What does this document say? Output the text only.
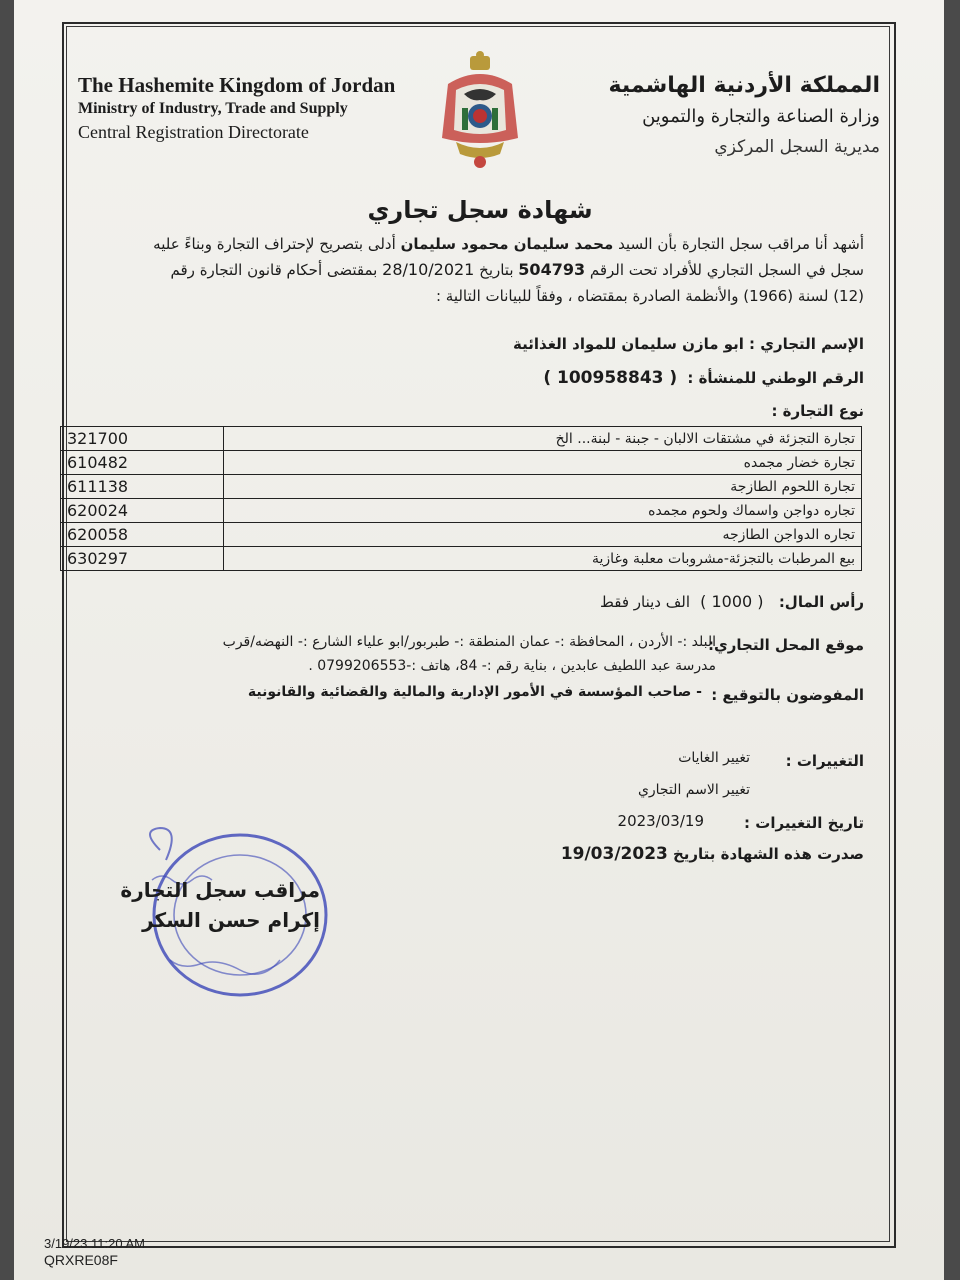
The Hashemite Kingdom of Jordan
Ministry of Industry, Trade and Supply
Central Registration Directorate
المملكة الأردنية الهاشمية
وزارة الصناعة والتجارة والتموين
مديرية السجل المركزي
شهادة سجل تجاري
أشهد أنا مراقب سجل التجارة بأن السيد محمد سليمان محمود سليمان أدلى بتصريح لإحتراف التجارة وبناءً عليه
سجل في السجل التجاري للأفراد تحت الرقم 504793 بتاريخ 28/10/2021 بمقتضى أحكام قانون التجارة رقم
(12) لسنة (1966) والأنظمة الصادرة بمقتضاه ، وفقاً للبيانات التالية :
الإسم التجاري : ابو مازن سليمان للمواد الغذائية
الرقم الوطني للمنشأة :  ( 100958843 )
نوع التجارة :
تجارة التجزئة في مشتقات الالبان - جبنة - لبنة... الخ	321700
تجارة خضار مجمده	610482
تجارة اللحوم الطازجة	611138
تجاره دواجن واسماك ولحوم مجمده	620024
تجاره الدواجن الطازجه	620058
بيع المرطبات بالتجزئة-مشروبات معلبة وغازية	630297
رأس المال:   ( 1000 )  الف دينار فقط
موقع المحل التجاري:
البلد :- الأردن ، المحافظة :- عمان المنطقة :- طبربور/ابو علياء الشارع :- النهضه/قرب
مدرسة عبد اللطيف عابدين ، بناية رقم :- 84، هاتف :-0799206553 .
المفوضون بالتوقيع :
- صاحب المؤسسة في الأمور الإدارية والمالية والقضائية والقانونية
التغييرات :
تغيير الغايات
تغيير الاسم التجاري
تاريخ التغييرات :
2023/03/19
صدرت هذه الشهادة بتاريخ 19/03/2023
مراقب سجل التجارة
إكرام حسن السكر
3/19/23 11:20 AM
QRXRE08F
